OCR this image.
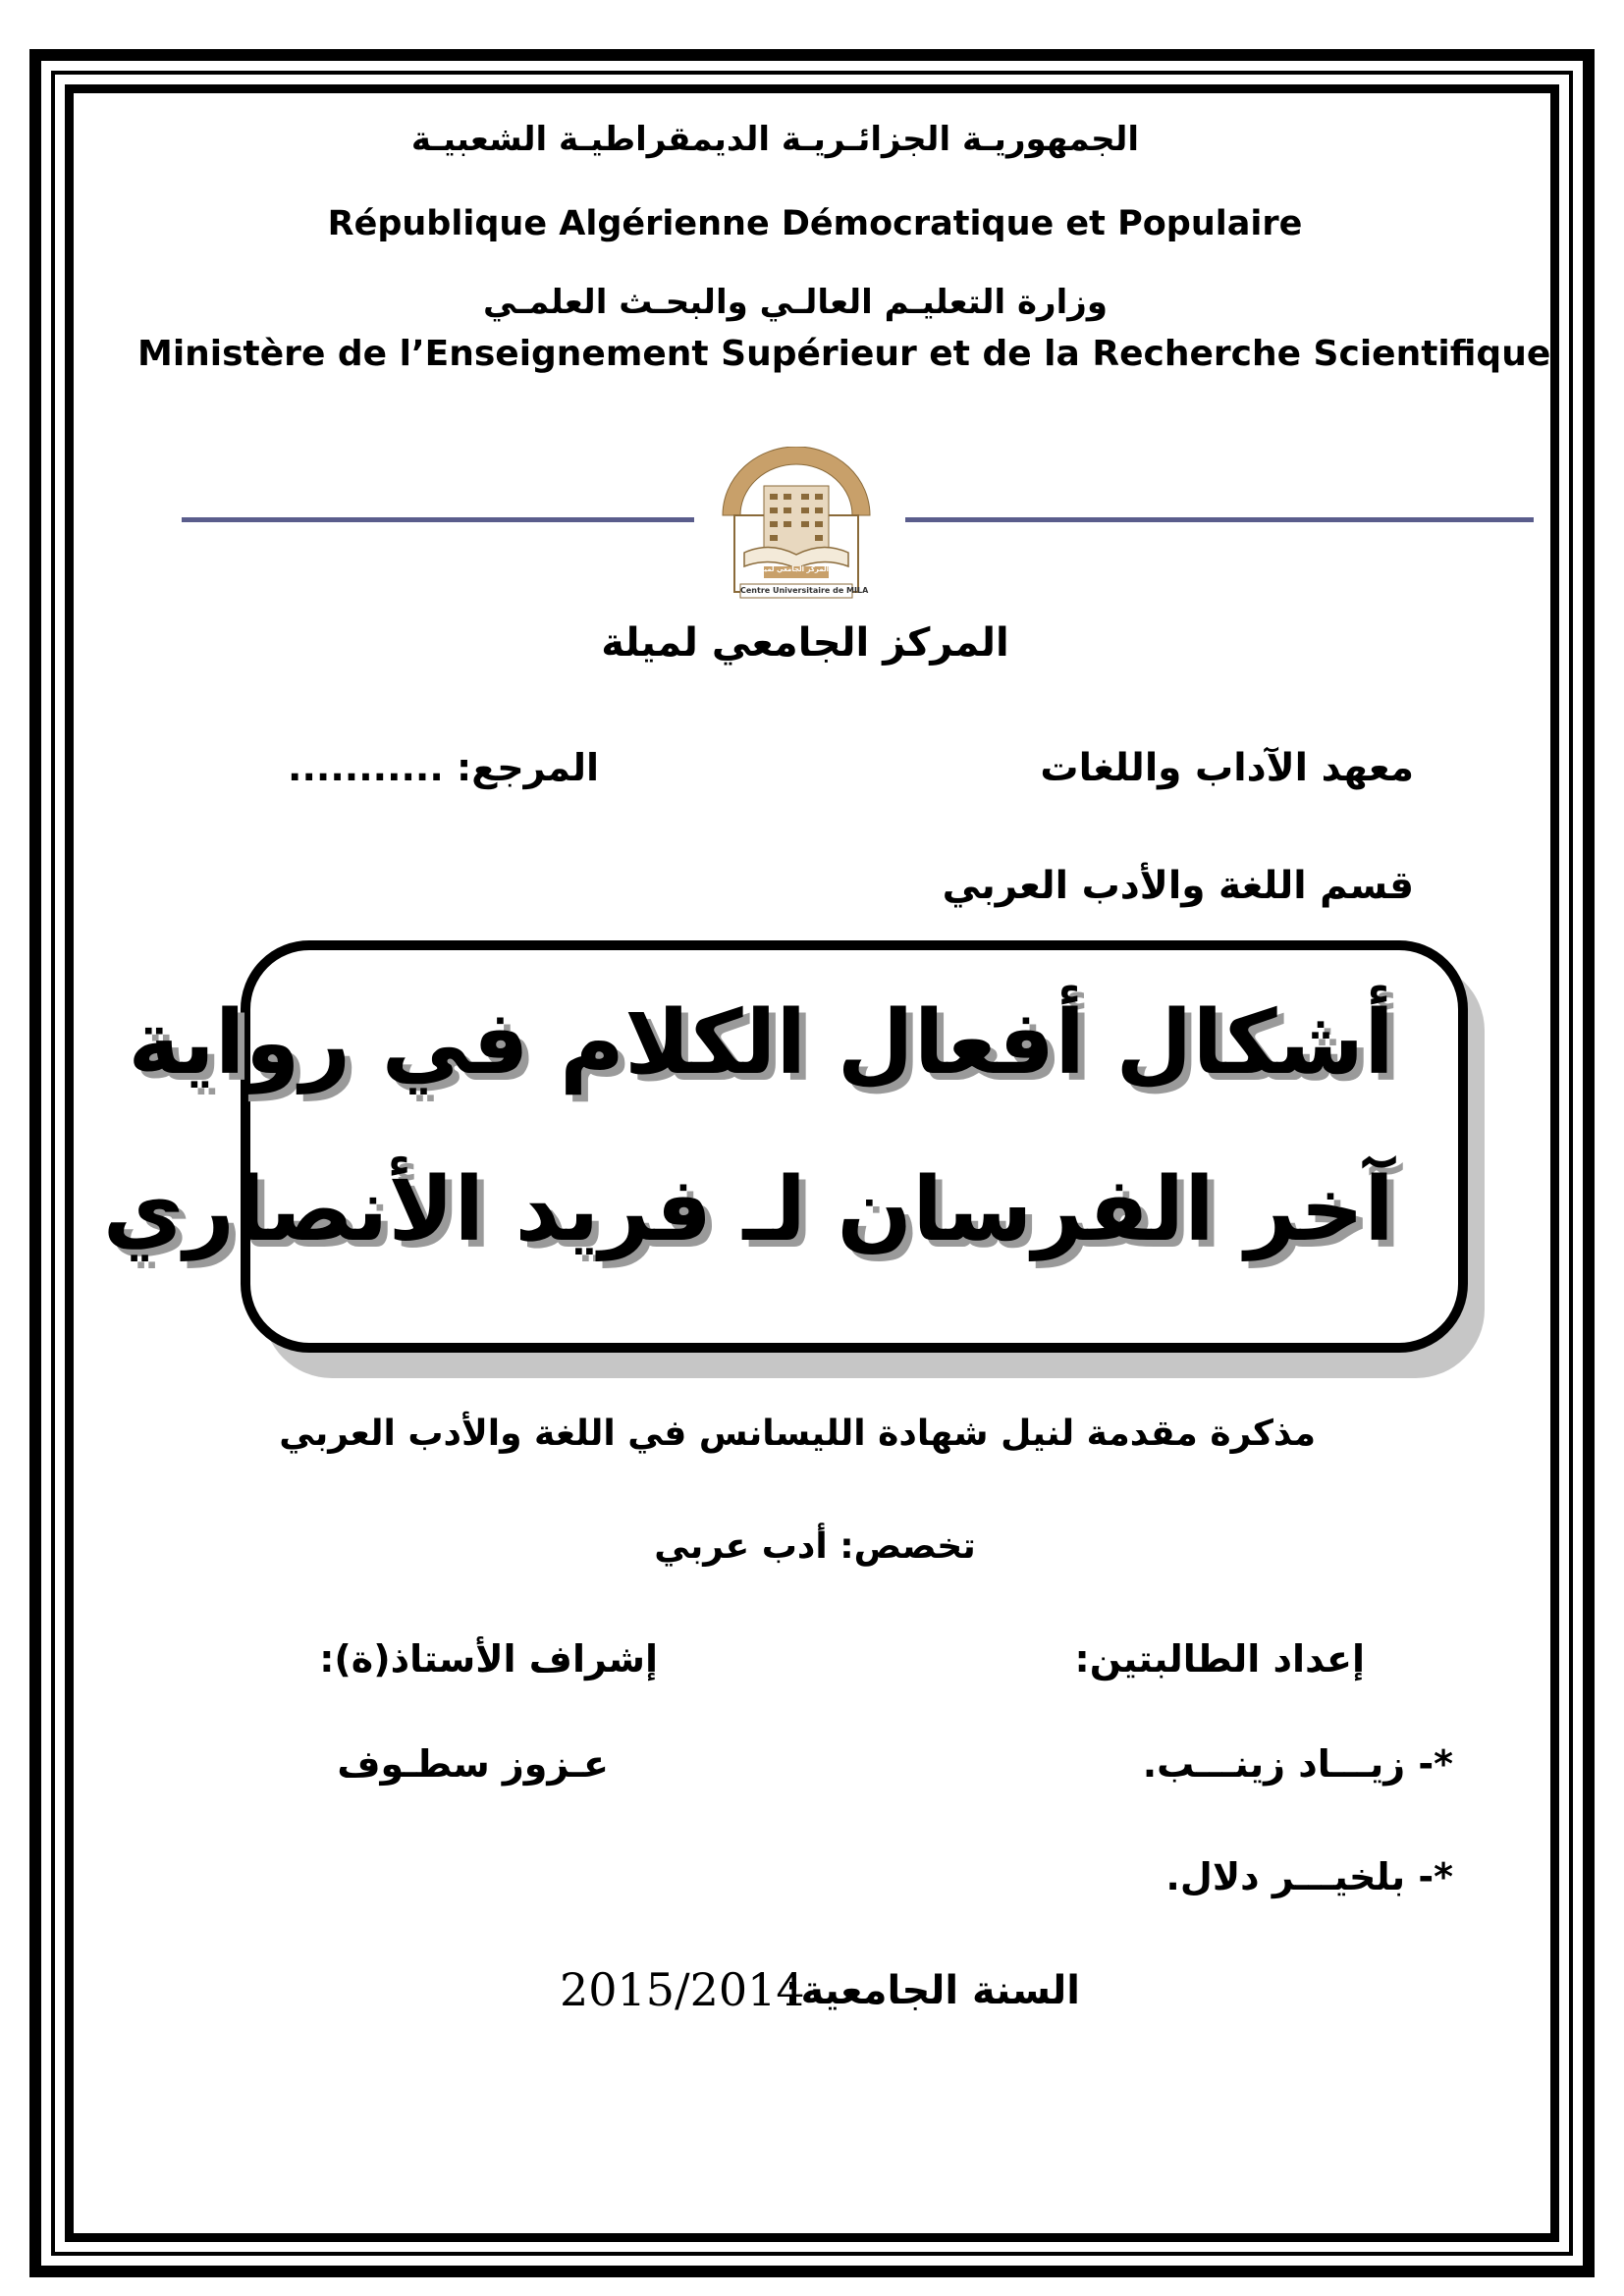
الجمهوريـة الجزائـريـة الديمقراطيـة الشعبيـة
République Algérienne Démocratique et Populaire
وزارة التعليـم العالـي والبحـث العلمـي
Ministère de l’Enseignement Supérieur et de la Recherche Scientifique
المركز الجامعي لميلة
Centre Universitaire de MILA
المركز الجامعي لميلة
معهد الآداب واللغات
المرجع: ...........
قسم اللغة والأدب العربي
أشكال أفعال الكلام في رواية
آخر الفرسان لـ فريد الأنصاري
مذكرة مقدمة لنيل شهادة الليسانس في اللغة والأدب العربي
تخصص: أدب عربي
إعداد الطالبتين:
إشراف الأستاذ(ة):
*- زيـــاد زينـــب.
عـزوز سطـوف
*- بلخيـــر دلال.
السنة الجامعية:
2015/2014
